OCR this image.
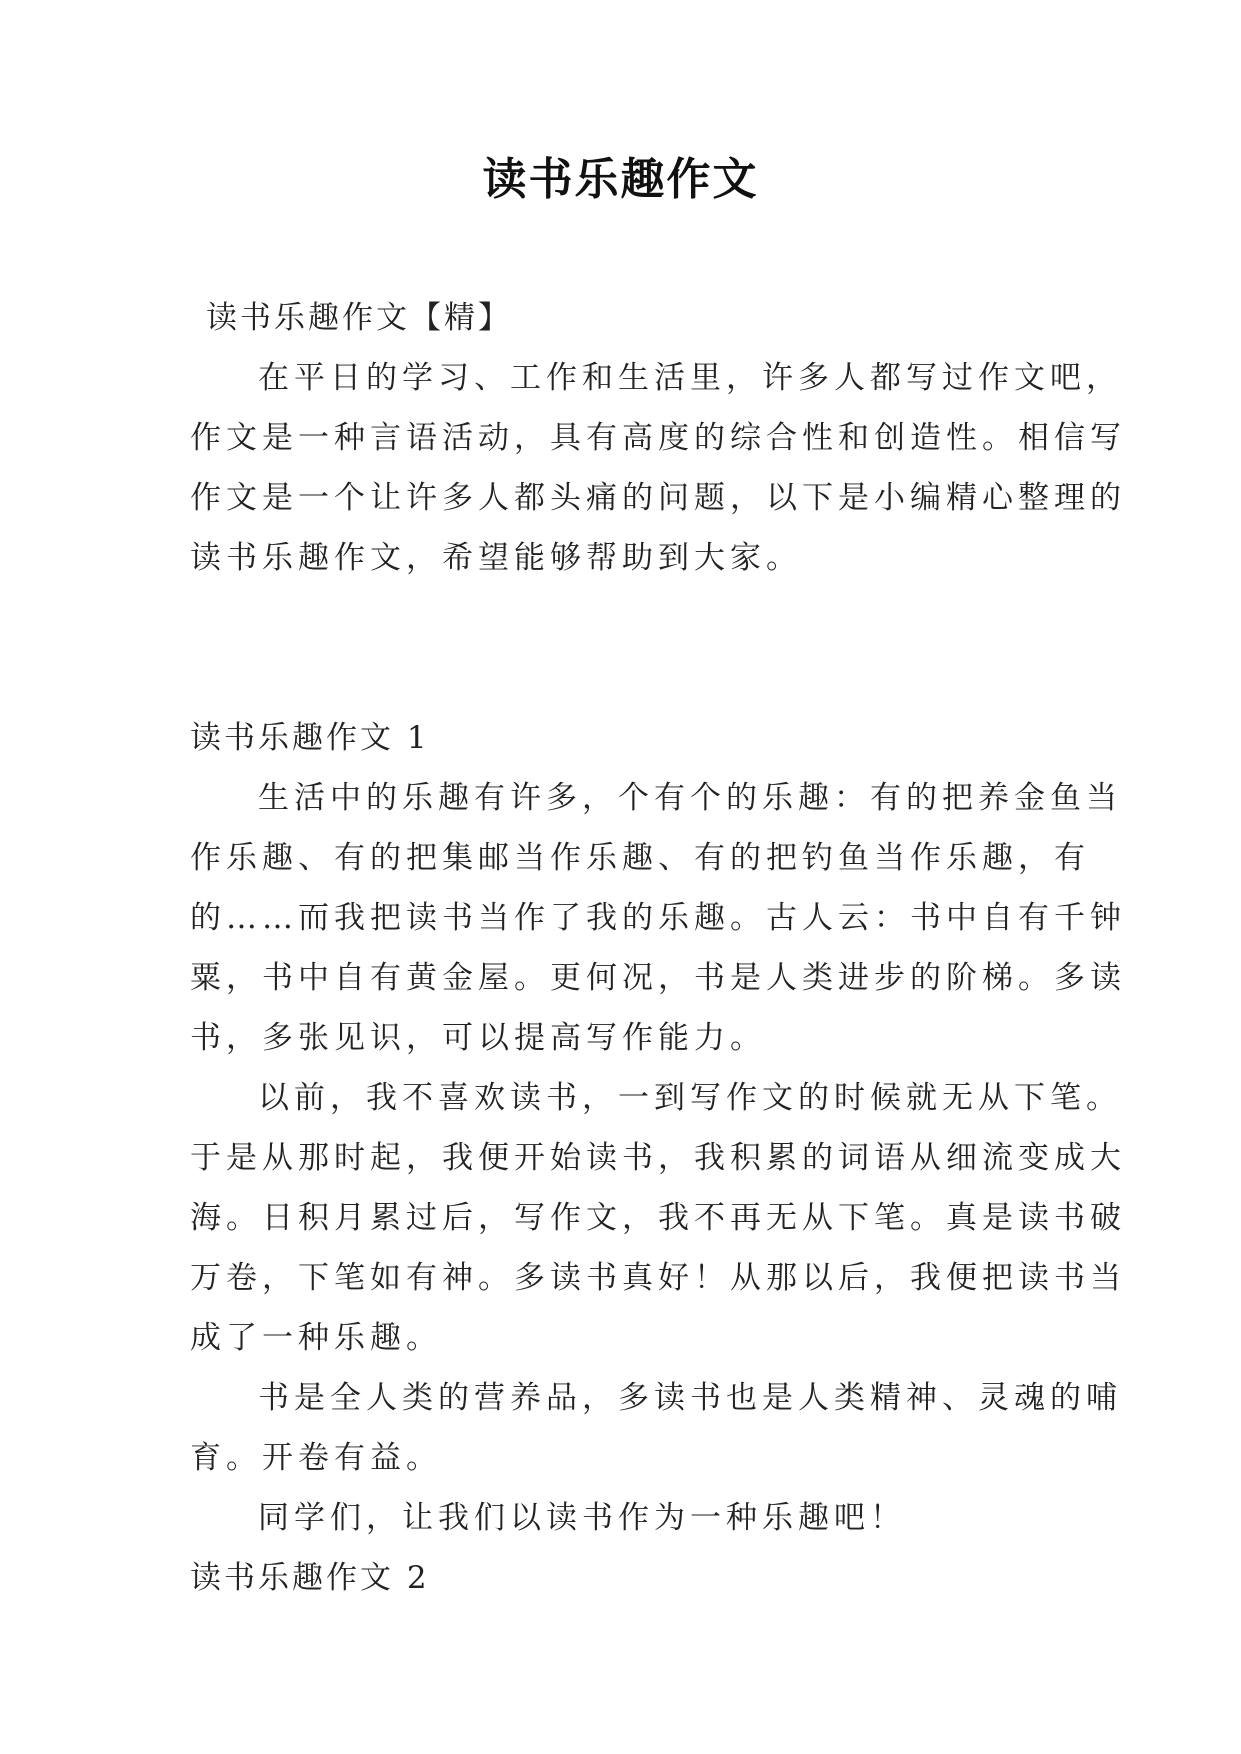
读书乐趣作文
读书乐趣作文【精】
在平日的学习、工作和生活里，许多人都写过作文吧，
作文是一种言语活动，具有高度的综合性和创造性。相信写
作文是一个让许多人都头痛的问题，以下是小编精心整理的
读书乐趣作文，希望能够帮助到大家。
读书乐趣作文 1
生活中的乐趣有许多，个有个的乐趣：有的把养金鱼当
作乐趣、有的把集邮当作乐趣、有的把钓鱼当作乐趣，有
的……而我把读书当作了我的乐趣。古人云：书中自有千钟
粟，书中自有黄金屋。更何况，书是人类进步的阶梯。多读
书，多张见识，可以提高写作能力。
以前，我不喜欢读书，一到写作文的时候就无从下笔。
于是从那时起，我便开始读书，我积累的词语从细流变成大
海。日积月累过后，写作文，我不再无从下笔。真是读书破
万卷，下笔如有神。多读书真好！从那以后，我便把读书当
成了一种乐趣。
书是全人类的营养品，多读书也是人类精神、灵魂的哺
育。开卷有益。
同学们，让我们以读书作为一种乐趣吧！
读书乐趣作文 2
